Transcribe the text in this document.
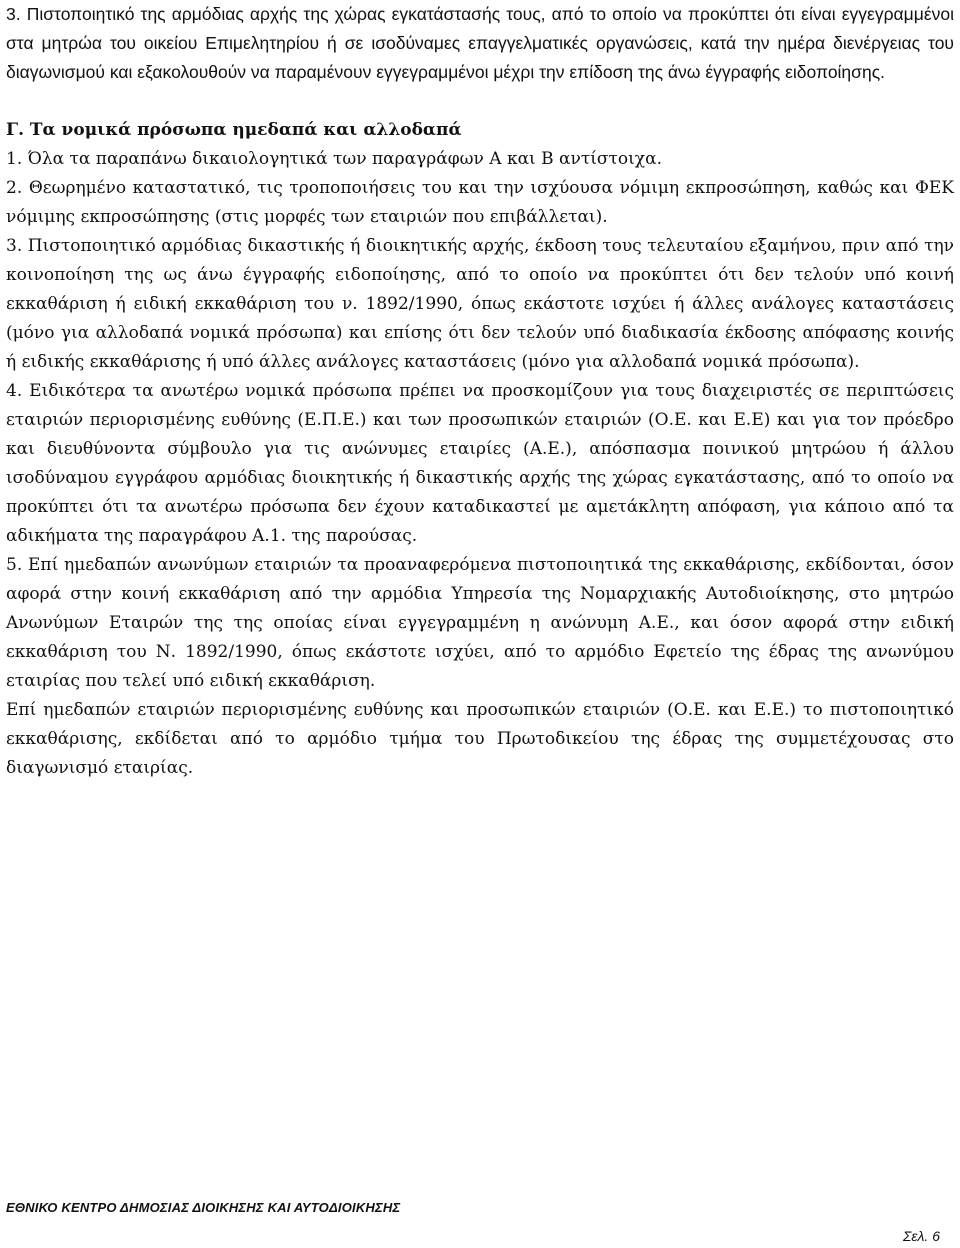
3. Πιστοποιητικό της αρμόδιας αρχής της χώρας εγκατάστασής τους, από το οποίο να προκύπτει ότι είναι εγγεγραμμένοι στα μητρώα του οικείου Επιμελητηρίου ή σε ισοδύναμες επαγγελματικές οργανώσεις, κατά την ημέρα διενέργειας του διαγωνισμού και εξακολουθούν να παραμένουν εγγεγραμμένοι μέχρι την επίδοση της άνω έγγραφής ειδοποίησης.

Γ. Τα νομικά πρόσωπα ημεδαπά και αλλοδαπά

1. Όλα τα παραπάνω δικαιολογητικά των παραγράφων Α και Β αντίστοιχα.

2. Θεωρημένο καταστατικό, τις τροποποιήσεις του και την ισχύουσα νόμιμη εκπροσώπηση, καθώς και ΦΕΚ νόμιμης εκπροσώπησης (στις μορφές των εταιριών που επιβάλλεται).

3. Πιστοποιητικό αρμόδιας δικαστικής ή διοικητικής αρχής, έκδοση τους τελευταίου εξαμήνου, πριν από την κοινοποίηση της ως άνω έγγραφής ειδοποίησης, από το οποίο να προκύπτει ότι δεν τελούν υπό κοινή εκκαθάριση ή ειδική εκκαθάριση του ν. 1892/1990, όπως εκάστοτε ισχύει ή άλλες ανάλογες καταστάσεις (μόνο για αλλοδαπά νομικά πρόσωπα) και επίσης ότι δεν τελούν υπό διαδικασία έκδοσης απόφασης κοινής ή ειδικής εκκαθάρισης ή υπό άλλες ανάλογες καταστάσεις (μόνο για αλλοδαπά νομικά πρόσωπα).

4. Ειδικότερα τα ανωτέρω νομικά πρόσωπα πρέπει να προσκομίζουν για τους διαχειριστές σε περιπτώσεις εταιριών περιορισμένης ευθύνης (Ε.Π.Ε.) και των προσωπικών εταιριών (Ο.Ε. και Ε.Ε) και για τον πρόεδρο και διευθύνοντα σύμβουλο για τις ανώνυμες εταιρίες (Α.Ε.), απόσπασμα ποινικού μητρώου ή άλλου ισοδύναμου εγγράφου αρμόδιας διοικητικής ή δικαστικής αρχής της χώρας εγκατάστασης, από το οποίο να προκύπτει ότι τα ανωτέρω πρόσωπα δεν έχουν καταδικαστεί με αμετάκλητη απόφαση, για κάποιο από τα αδικήματα της παραγράφου Α.1. της παρούσας.

5. Επί ημεδαπών ανωνύμων εταιριών τα προαναφερόμενα πιστοποιητικά της εκκαθάρισης, εκδίδονται, όσον αφορά στην κοινή εκκαθάριση από την αρμόδια Υπηρεσία της Νομαρχιακής Αυτοδιοίκησης, στο μητρώο Ανωνύμων Εταιρών της της οποίας είναι εγγεγραμμένη η ανώνυμη Α.Ε., και όσον αφορά στην ειδική εκκαθάριση του Ν. 1892/1990, όπως εκάστοτε ισχύει, από το αρμόδιο Εφετείο της έδρας της ανωνύμου εταιρίας που τελεί υπό ειδική εκκαθάριση.

Επί ημεδαπών εταιριών περιορισμένης ευθύνης και προσωπικών εταιριών (Ο.Ε. και Ε.Ε.) το πιστοποιητικό εκκαθάρισης, εκδίδεται από το αρμόδιο τμήμα του Πρωτοδικείου της έδρας της συμμετέχουσας στο διαγωνισμό εταιρίας.

ΕΘΝΙΚΟ ΚΕΝΤΡΟ ΔΗΜΟΣΙΑΣ ΔΙΟΙΚΗΣΗΣ ΚΑΙ ΑΥΤΟΔΙΟΙΚΗΣΗΣ
Σελ. 6
